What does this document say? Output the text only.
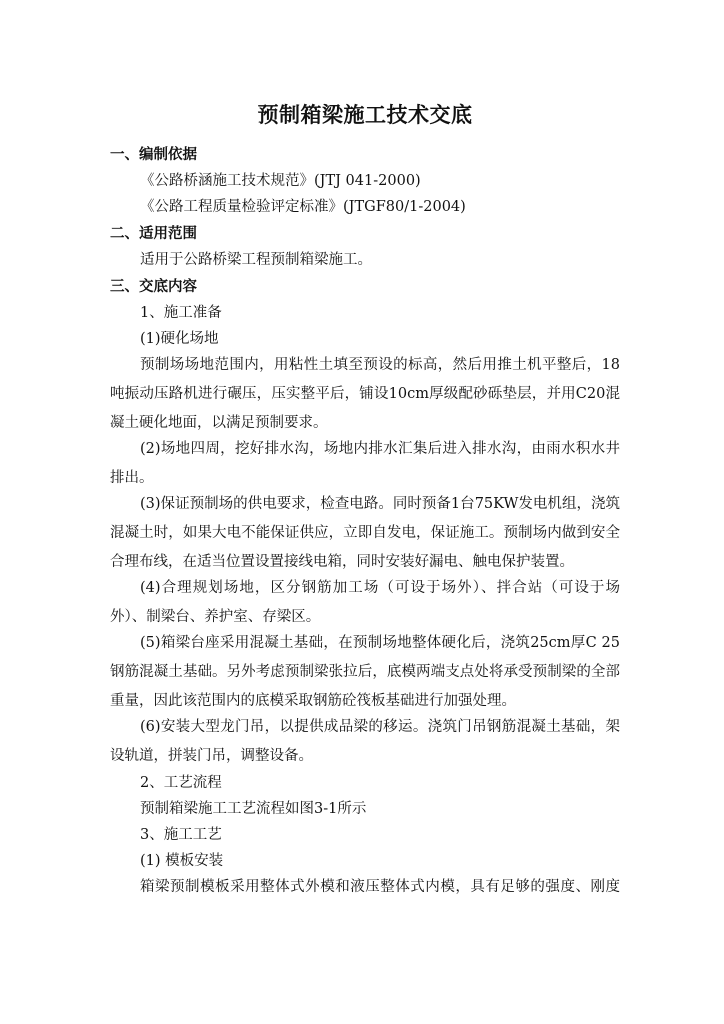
预制箱梁施工技术交底
一、编制依据
《公路桥涵施工技术规范》(JTJ 041-2000)
《公路工程质量检验评定标准》(JTGF80/1-2004)
二、适用范围
适用于公路桥梁工程预制箱梁施工。
三、交底内容
1、施工准备
(1)硬化场地

预制场场地范围内，用粘性土填至预设的标高，然后用推土机平整后，18吨振动压路机进行碾压，压实整平后，铺设10cm厚级配砂砾垫层，并用C20混凝土硬化地面，以满足预制要求。

(2)场地四周，挖好排水沟，场地内排水汇集后进入排水沟，由雨水积水井排出。

(3)保证预制场的供电要求，检查电路。同时预备1台75KW发电机组，浇筑混凝土时，如果大电不能保证供应，立即自发电，保证施工。预制场内做到安全合理布线，在适当位置设置接线电箱，同时安装好漏电、触电保护装置。

(4)合理规划场地，区分钢筋加工场（可设于场外）、拌合站（可设于场外）、制梁台、养护室、存梁区。

(5)箱梁台座采用混凝土基础，在预制场地整体硬化后，浇筑25cm厚C 25钢筋混凝土基础。另外考虑预制梁张拉后，底模两端支点处将承受预制梁的全部重量，因此该范围内的底模采取钢筋砼筏板基础进行加强处理。

(6)安装大型龙门吊，以提供成品梁的移运。浇筑门吊钢筋混凝土基础，架设轨道，拼装门吊，调整设备。

2、工艺流程
预制箱梁施工工艺流程如图3-1所示
3、施工工艺
(1) 模板安装

箱梁预制模板采用整体式外模和液压整体式内模，具有足够的强度、刚度
